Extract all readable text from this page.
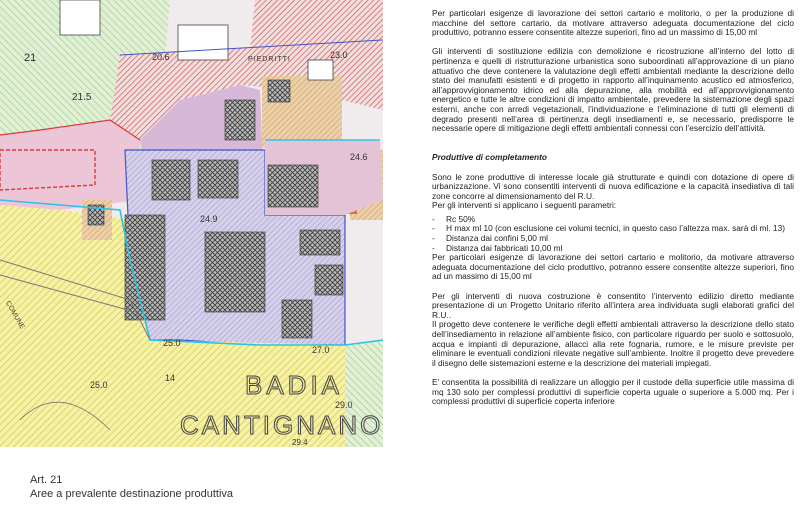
21
21.5
20.6	PIEDRITTI	23.0
24.6
24.9
25.0
27.0
29.0
29.4
25.0
14
COMUNE
BADIA
CANTIGNANO
Art. 21
Aree a prevalente destinazione produttiva

Per particolari esigenze di lavorazione dei settori cartario e molitorio, o per la produzione di macchine del settore cartario, da motivare attraverso adeguata documentazione del ciclo produttivo, potranno essere consentite altezze superiori, fino ad un massimo di 15,00 ml

Gli interventi di sostituzione edilizia con demolizione e ricostruzione all’interno del lotto di pertinenza e quelli di ristrutturazione urbanistica sono suboordinati all’approvazione di un piano attuativo che deve contenere la valutazione degli effetti ambientali mediante la descrizione dello stato dei manufatti esistenti e di progetto in rapporto all’inquinamento acustico ed atmosferico, all’approvvigionamento idrico ed alla depurazione, alla mobilità ed all’approvvigionamento energetico e tutte le altre condizioni di impatto ambientale, prevedere la sistemazione degli spazi esterni, anche con arredi vegetazionali, l’individuazione e l’eliminazione di tutti gli elementi di degrado presenti nell’area di pertinenza degli insediamenti e, se necessario, predisporre le necessarie opere di mitigazione degli effetti ambientali connessi con l’esercizio dell’attività.

Produttive di completamento

Sono le zone produttive di interesse locale già strutturate e quindi con dotazione di opere di urbanizzazione. Vi sono consentiti interventi di nuova edificazione e la capacità insediativa di tali zone concorre al dimensionamento del R.U.

Per gli interventi si applicano i seguenti parametri:

- Rc 50%
- H max ml 10 (con esclusione cei volumi tecnici, in questo caso l’altezza max. sarà di ml. 13)
- Distanza dai confini 5,00 ml
- Distanza dai fabbricati 10,00 ml

Per particolari esigenze di lavorazione dei settori cartario e molitorio, da motivare attraverso adeguata documentazione del ciclo produttivo, potranno essere consentite altezze superiori, fino ad un massimo di 15,00 ml

Per gli interventi di nuova costruzione è consentito l’intervento edilizio diretto mediante presentazione di un Progetto Unitario riferito all’intera area individuata sugli elaborati grafici del R.U..

Il progetto deve contenere le verifiche degli effetti ambientali attraverso la descrizione dello stato dell’insediamento in relazione all’ambiente fisico, con particolare riguardo per suolo e sottosuolo, acqua e impianti di depurazione, allacci alla rete fognaria, rumore, e le misure previste per eliminare le eventuali condizioni rilevate negative sull’ambiente. Inoltre il progetto deve prevedere il disegno delle sistemazioni esterne e la descrizione dei materiali impiegati.

E’ consentita la possibilità di realizzare un alloggio per il custode della superficie utile massima di mq 130 solo per complessi produttivi di superficie coperta uguale o superiore a 5.000 mq. Per i complessi produttivi di superficie coperta inferiore
